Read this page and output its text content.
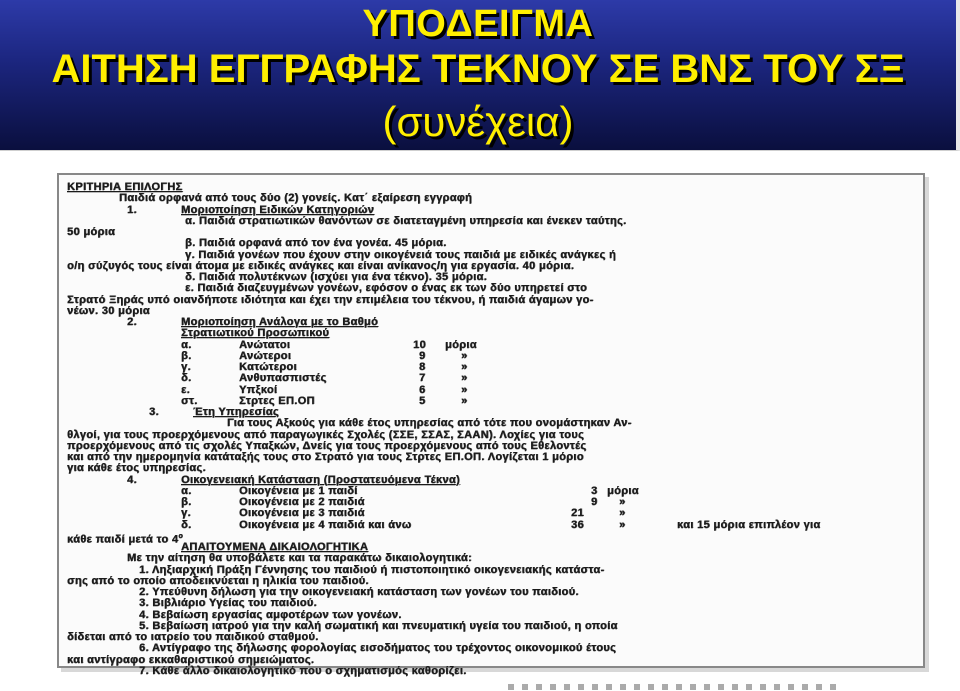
ΥΠΟΔΕΙΓΜΑ
ΑΙΤΗΣΗ ΕΓΓΡΑΦΗΣ ΤΕΚΝΟΥ ΣΕ ΒΝΣ ΤΟΥ ΣΞ
(συνέχεια)
ΚΡΙΤΗΡΙΑ ΕΠΙΛΟΓΗΣ
Παιδιά ορφανά από τους δύο (2) γονείς. Κατ΄ εξαίρεση εγγραφή
1.	Μοριοποίηση Ειδικών Κατηγοριών
α. Παιδιά στρατιωτικών θανόντων σε διατεταγμένη υπηρεσία και ένεκεν ταύτης.
50 μόρια
β. Παιδιά ορφανά από τον ένα γονέα. 45 μόρια.
γ. Παιδιά γονέων που έχουν στην οικογένειά τους παιδιά με ειδικές ανάγκες ή
ο/η σύζυγός τους είναι άτομα με ειδικές ανάγκες και είναι ανίκανος/η για εργασία. 40 μόρια.
δ. Παιδιά πολυτέκνων (ισχύει για ένα τέκνο). 35 μόρια.
ε. Παιδιά διαζευγμένων γονέων, εφόσον ο ένας εκ των δύο υπηρετεί στο
Στρατό Ξηράς υπό οιανδήποτε ιδιότητα και έχει την επιμέλεια του τέκνου, ή παιδιά άγαμων γο-
νέων. 30 μόρια
2.	Μοριοποίηση Ανάλογα με το Βαθμό
Στρατιωτικού Προσωπικού
α.	Ανώτατοι	10 μόρια
β.	Ανώτεροι	9	»
γ.	Κατώτεροι	8	»
δ.	Ανθυπασπιστές	7	»
ε.	Υπξκοί	6	»
στ.	Στρτες ΕΠ.ΟΠ	5	»
3.	Έτη Υπηρεσίας
Για τους Αξκούς για κάθε έτος υπηρεσίας από τότε που ονομάστηκαν Αν-
θλγοί, για τους προερχόμενους από παραγωγικές Σχολές (ΣΣΕ, ΣΣΑΣ, ΣΑΑΝ). Λοχίες για τους
προερχόμενους από τις σχολές Υπαξκών, Δνείς για τους προερχόμενους από τους Εθελοντές
και από την ημερομηνία κατάταξής τους στο Στρατό για τους Στρτες ΕΠ.ΟΠ. Λογίζεται 1 μόριο
για κάθε έτος υπηρεσίας.
4.	Οικογενειακή Κατάσταση (Προστατευόμενα Τέκνα)
α.	Οικογένεια με 1 παιδί	3 μόρια
β.	Οικογένεια με 2 παιδιά	9 »
γ.	Οικογένεια με 3 παιδιά	21	»
δ.	Οικογένεια με 4 παιδιά και άνω	36	»	και 15 μόρια επιπλέον για
κάθε παιδί μετά το $4^o$
ΑΠΑΙΤΟΥΜΕΝΑ ΔΙΚΑΙΟΛΟΓΗΤΙΚΑ
Με την αίτηση θα υποβάλετε και τα παρακάτω δικαιολογητικά:
1. Ληξιαρχική Πράξη Γέννησης του παιδιού ή πιστοποιητικό οικογενειακής κατάστα-
σης από το οποίο αποδεικνύεται η ηλικία του παιδιού.
2. Υπεύθυνη δήλωση για την οικογενειακή κατάσταση των γονέων του παιδιού.
3. Βιβλιάριο Υγείας του παιδιού.
4. Βεβαίωση εργασίας αμφοτέρων των γονέων.
5. Βεβαίωση ιατρού για την καλή σωματική και πνευματική υγεία του παιδιού, η οποία
δίδεται από το ιατρείο του παιδικού σταθμού.
6. Αντίγραφο της δήλωσης φορολογίας εισοδήματος του τρέχοντος οικονομικού έτους
και αντίγραφο εκκαθαριστικού σημειώματος.
7. Κάθε άλλο δικαιολογητικό που ο σχηματισμός καθορίζει.
